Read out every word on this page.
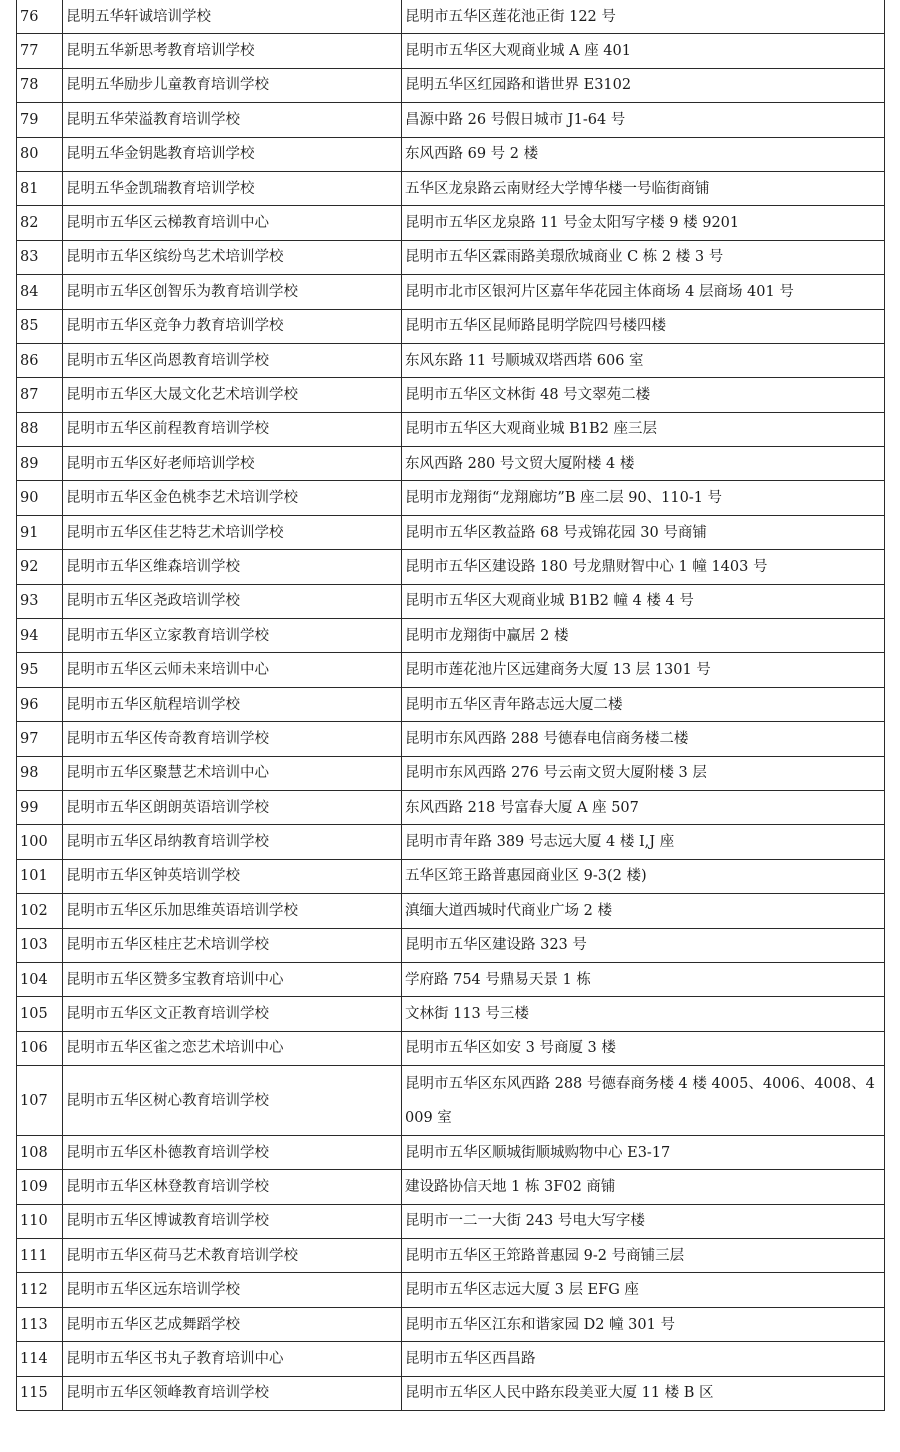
76	昆明五华轩诚培训学校	昆明市五华区莲花池正街 122 号
77	昆明五华新思考教育培训学校	昆明市五华区大观商业城 A 座 401
78	昆明五华励步儿童教育培训学校	昆明五华区红园路和谐世界 E3102
79	昆明五华荣溢教育培训学校	昌源中路 26 号假日城市 J1-64 号
80	昆明五华金钥匙教育培训学校	东风西路 69 号 2 楼
81	昆明五华金凯瑞教育培训学校	五华区龙泉路云南财经大学博华楼一号临街商铺
82	昆明市五华区云梯教育培训中心	昆明市五华区龙泉路 11 号金太阳写字楼 9 楼 9201
83	昆明市五华区缤纷鸟艺术培训学校	昆明市五华区霖雨路美璟欣城商业 C 栋 2 楼 3 号
84	昆明市五华区创智乐为教育培训学校	昆明市北市区银河片区嘉年华花园主体商场 4 层商场 401 号
85	昆明市五华区竞争力教育培训学校	昆明市五华区昆师路昆明学院四号楼四楼
86	昆明市五华区尚恩教育培训学校	东风东路 11 号顺城双塔西塔 606 室
87	昆明市五华区大晟文化艺术培训学校	昆明市五华区文林街 48 号文翠苑二楼
88	昆明市五华区前程教育培训学校	昆明市五华区大观商业城 B1B2 座三层
89	昆明市五华区好老师培训学校	东风西路 280 号文贸大厦附楼 4 楼
90	昆明市五华区金色桃李艺术培训学校	昆明市龙翔街“龙翔廊坊”B 座二层 90、110-1 号
91	昆明市五华区佳艺特艺术培训学校	昆明市五华区教益路 68 号戎锦花园 30 号商铺
92	昆明市五华区维森培训学校	昆明市五华区建设路 180 号龙鼎财智中心 1 幢 1403 号
93	昆明市五华区尧政培训学校	昆明市五华区大观商业城 B1B2 幢 4 楼 4 号
94	昆明市五华区立家教育培训学校	昆明市龙翔街中赢居 2 楼
95	昆明市五华区云师未来培训中心	昆明市莲花池片区远建商务大厦 13 层 1301 号
96	昆明市五华区航程培训学校	昆明市五华区青年路志远大厦二楼
97	昆明市五华区传奇教育培训学校	昆明市东风西路 288 号德春电信商务楼二楼
98	昆明市五华区聚慧艺术培训中心	昆明市东风西路 276 号云南文贸大厦附楼 3 层
99	昆明市五华区朗朗英语培训学校	东风西路 218 号富春大厦 A 座 507
100	昆明市五华区昂纳教育培训学校	昆明市青年路 389 号志远大厦 4 楼 I,J 座
101	昆明市五华区钟英培训学校	五华区筇王路普惠园商业区 9-3(2 楼)
102	昆明市五华区乐加思维英语培训学校	滇缅大道西城时代商业广场 2 楼
103	昆明市五华区桂庄艺术培训学校	昆明市五华区建设路 323 号
104	昆明市五华区赞多宝教育培训中心	学府路 754 号鼎易天景 1 栋
105	昆明市五华区文正教育培训学校	文林街 113 号三楼
106	昆明市五华区雀之恋艺术培训中心	昆明市五华区如安 3 号商厦 3 楼
107	昆明市五华区树心教育培训学校	昆明市五华区东风西路 288 号德春商务楼 4 楼 4005、4006、4008、4009 室
108	昆明市五华区朴德教育培训学校	昆明市五华区顺城街顺城购物中心 E3-17
109	昆明市五华区林登教育培训学校	建设路协信天地 1 栋 3F02 商铺
110	昆明市五华区博诚教育培训学校	昆明市一二一大街 243 号电大写字楼
111	昆明市五华区荷马艺术教育培训学校	昆明市五华区王筇路普惠园 9-2 号商铺三层
112	昆明市五华区远东培训学校	昆明市五华区志远大厦 3 层 EFG 座
113	昆明市五华区艺成舞蹈学校	昆明市五华区江东和谐家园 D2 幢 301 号
114	昆明市五华区书丸子教育培训中心	昆明市五华区西昌路
115	昆明市五华区领峰教育培训学校	昆明市五华区人民中路东段美亚大厦 11 楼 B 区
